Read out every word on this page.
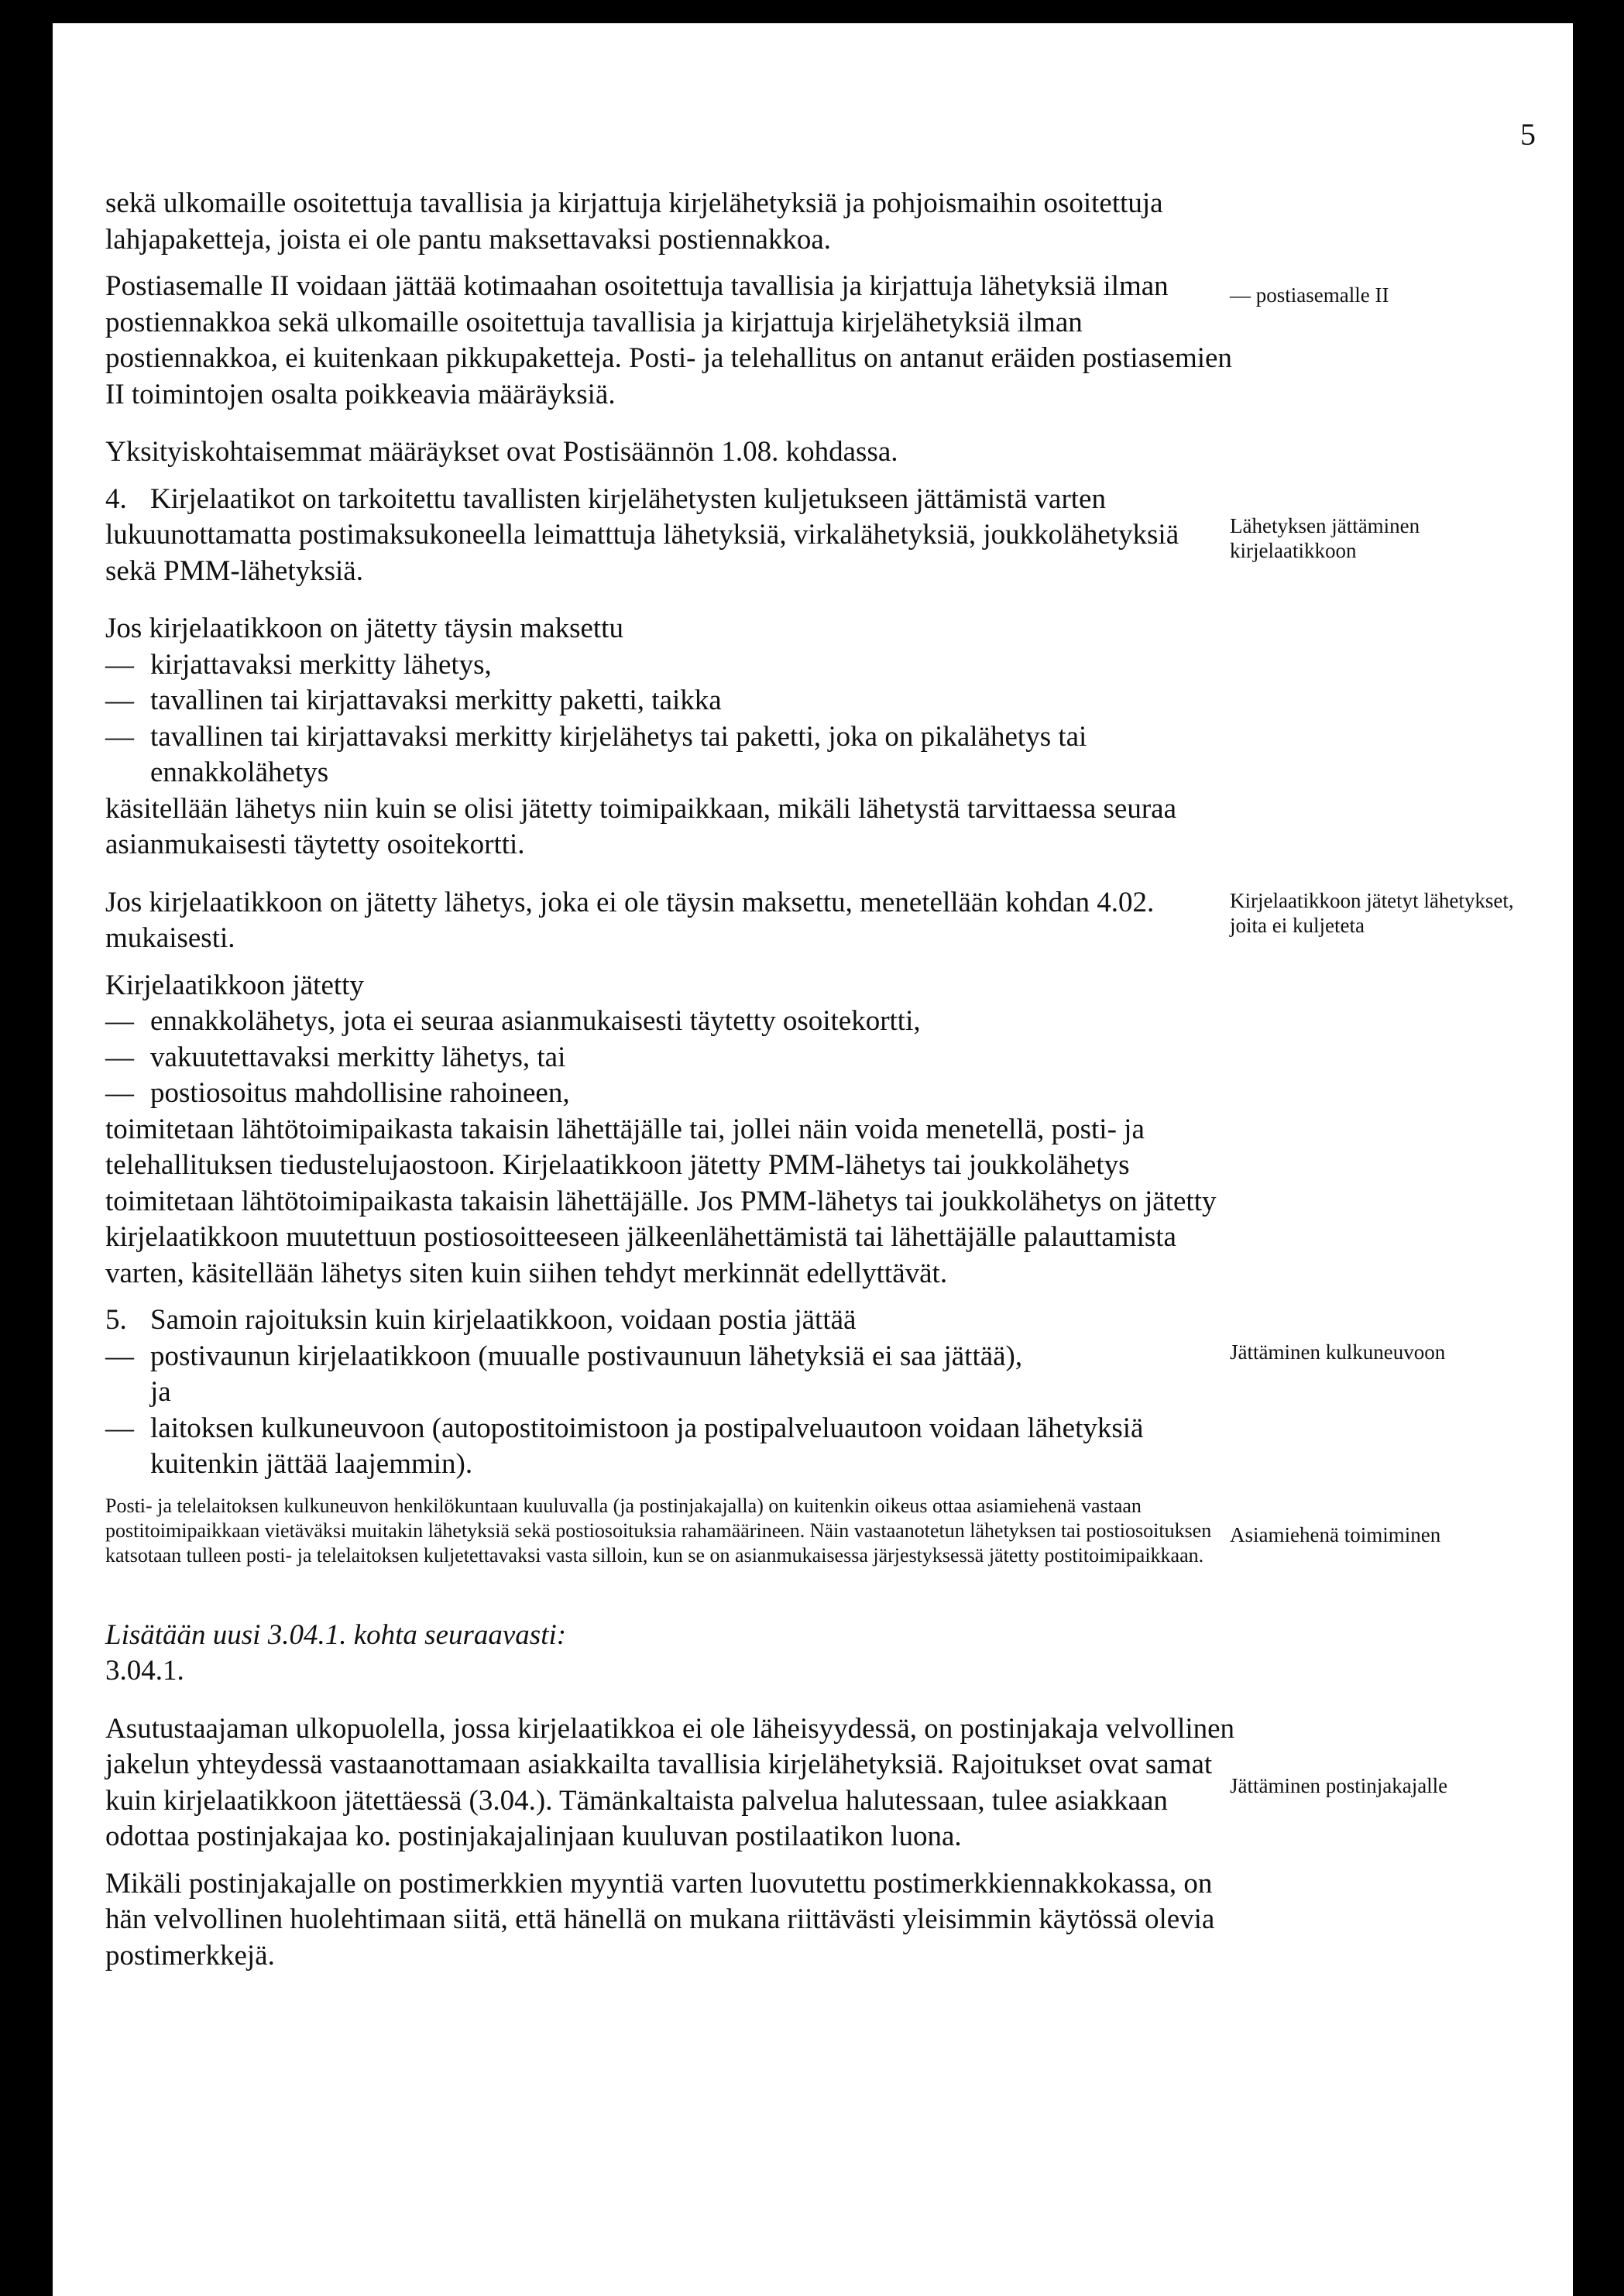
5

sekä ulkomaille osoitettuja tavallisia ja kirjattuja kirjelähetyksiä ja pohjoismaihin osoitettuja lahjapaketteja, joista ei ole pantu maksettavaksi postiennakkoa.

Postiasemalle II voidaan jättää kotimaahan osoitettuja tavallisia ja kirjattuja lähetyksiä ilman postiennakkoa sekä ulkomaille osoitettuja tavallisia ja kirjattuja kirjelähetyksiä ilman postiennakkoa, ei kuitenkaan pikkupaketteja. Posti- ja telehallitus on antanut eräiden postiasemien II toimintojen osalta poikkeavia määräyksiä.

Yksityiskohtaisemmat määräykset ovat Postisäännön 1.08. kohdassa.

4. Kirjelaatikot on tarkoitettu tavallisten kirjelähetysten kuljetukseen jättämistä varten lukuunottamatta postimaksukoneella leimatttuja lähetyksiä, virkalähetyksiä, joukkolähetyksiä sekä PMM-lähetyksiä.

Jos kirjelaatikkoon on jätetty täysin maksettu

— kirjattavaksi merkitty lähetys,

— tavallinen tai kirjattavaksi merkitty paketti, taikka

— tavallinen tai kirjattavaksi merkitty kirjelähetys tai paketti, joka on pikalähetys tai ennakkolähetys

käsitellään lähetys niin kuin se olisi jätetty toimipaikkaan, mikäli lähetystä tarvittaessa seuraa asianmukaisesti täytetty osoitekortti.

Jos kirjelaatikkoon on jätetty lähetys, joka ei ole täysin maksettu, menetellään kohdan 4.02. mukaisesti.

Kirjelaatikkoon jätetty

— ennakkolähetys, jota ei seuraa asianmukaisesti täytetty osoitekortti,

— vakuutettavaksi merkitty lähetys, tai

— postiosoitus mahdollisine rahoineen,

toimitetaan lähtötoimipaikasta takaisin lähettäjälle tai, jollei näin voida menetellä, posti- ja telehallituksen tiedustelujaostoon. Kirjelaatikkoon jätetty PMM-lähetys tai joukkolähetys toimitetaan lähtötoimipaikasta takaisin lähettäjälle. Jos PMM-lähetys tai joukkolähetys on jätetty kirjelaatikkoon muutettuun postiosoitteeseen jälkeenlähettämistä tai lähettäjälle palauttamista varten, käsitellään lähetys siten kuin siihen tehdyt merkinnät edellyttävät.

5. Samoin rajoituksin kuin kirjelaatikkoon, voidaan postia jättää

— postivaunun kirjelaatikkoon (muualle postivaunuun lähetyksiä ei saa jättää),

ja

— laitoksen kulkuneuvoon (autopostitoimistoon ja postipalveluautoon voidaan lähetyksiä kuitenkin jättää laajemmin).

Posti- ja telelaitoksen kulkuneuvon henkilökuntaan kuuluvalla (ja postinjakajalla) on kuitenkin oikeus ottaa asiamiehenä vastaan postitoimipaikkaan vietäväksi muitakin lähetyksiä sekä postiosoituksia rahamäärineen. Näin vastaanotetun lähetyksen tai postiosoituksen katsotaan tulleen posti- ja telelaitoksen kuljetettavaksi vasta silloin, kun se on asianmukaisessa järjestyksessä jätetty postitoimipaikkaan.

Lisätään uusi 3.04.1. kohta seuraavasti:

3.04.1.

Asutustaajaman ulkopuolella, jossa kirjelaatikkoa ei ole läheisyydessä, on postinjakaja velvollinen jakelun yhteydessä vastaanottamaan asiakkailta tavallisia kirjelähetyksiä. Rajoitukset ovat samat kuin kirjelaatikkoon jätettäessä (3.04.). Tämänkaltaista palvelua halutessaan, tulee asiakkaan odottaa postinjakajaa ko. postinjakajalinjaan kuuluvan postilaatikon luona.

Mikäli postinjakajalle on postimerkkien myyntiä varten luovutettu postimerkkiennakkokassa, on hän velvollinen huolehtimaan siitä, että hänellä on mukana riittävästi yleisimmin käytössä olevia postimerkkejä.

— postiasemalle II
Lähetyksen jättäminen kirjelaatikkoon
Kirjelaatikkoon jätetyt lähetykset, joita ei kuljeteta
Jättäminen kulkuneuvoon
Asiamiehenä toimiminen
Jättäminen postinjakajalle
